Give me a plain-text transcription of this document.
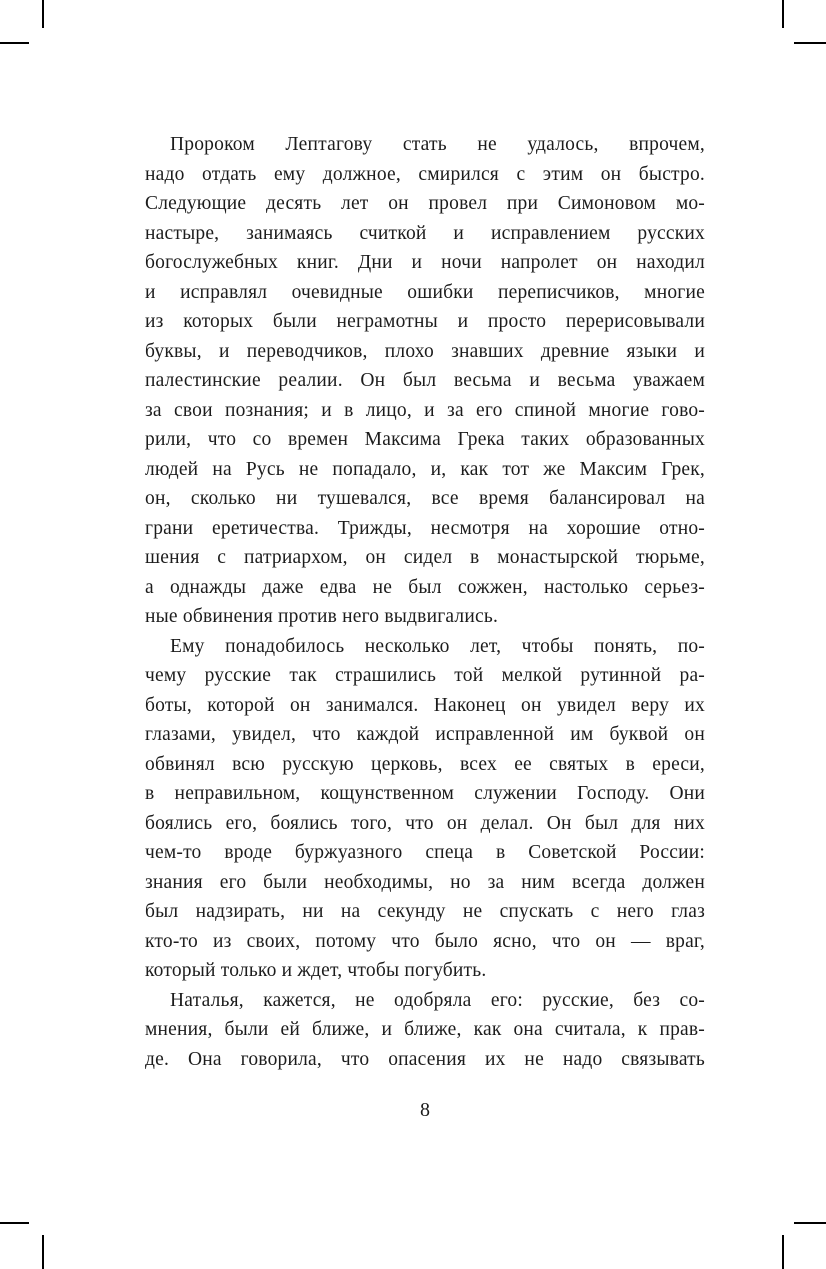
Пророком Лептагову стать не удалось, впрочем,
надо отдать ему должное, смирился с этим он быстро.
Следующие десять лет он провел при Симоновом мо-
настыре, занимаясь считкой и исправлением русских
богослужебных книг. Дни и ночи напролет он находил
и исправлял очевидные ошибки переписчиков, многие
из которых были неграмотны и просто перерисовывали
буквы, и переводчиков, плохо знавших древние языки и
палестинские реалии. Он был весьма и весьма уважаем
за свои познания; и в лицо, и за его спиной многие гово-
рили, что со времен Максима Грека таких образованных
людей на Русь не попадало, и, как тот же Максим Грек,
он, сколько ни тушевался, все время балансировал на
грани еретичества. Трижды, несмотря на хорошие отно-
шения с патриархом, он сидел в монастырской тюрьме,
а однажды даже едва не был сожжен, настолько серьез-
ные обвинения против него выдвигались.
Ему понадобилось несколько лет, чтобы понять, по-
чему русские так страшились той мелкой рутинной ра-
боты, которой он занимался. Наконец он увидел веру их
глазами, увидел, что каждой исправленной им буквой он
обвинял всю русскую церковь, всех ее святых в ереси,
в неправильном, кощунственном служении Господу. Они
боялись его, боялись того, что он делал. Он был для них
чем-то вроде буржуазного спеца в Советской России:
знания его были необходимы, но за ним всегда должен
был надзирать, ни на секунду не спускать с него глаз
кто-то из своих, потому что было ясно, что он — враг,
который только и ждет, чтобы погубить.
Наталья, кажется, не одобряла его: русские, без со-
мнения, были ей ближе, и ближе, как она считала, к прав-
де. Она говорила, что опасения их не надо связывать
8
